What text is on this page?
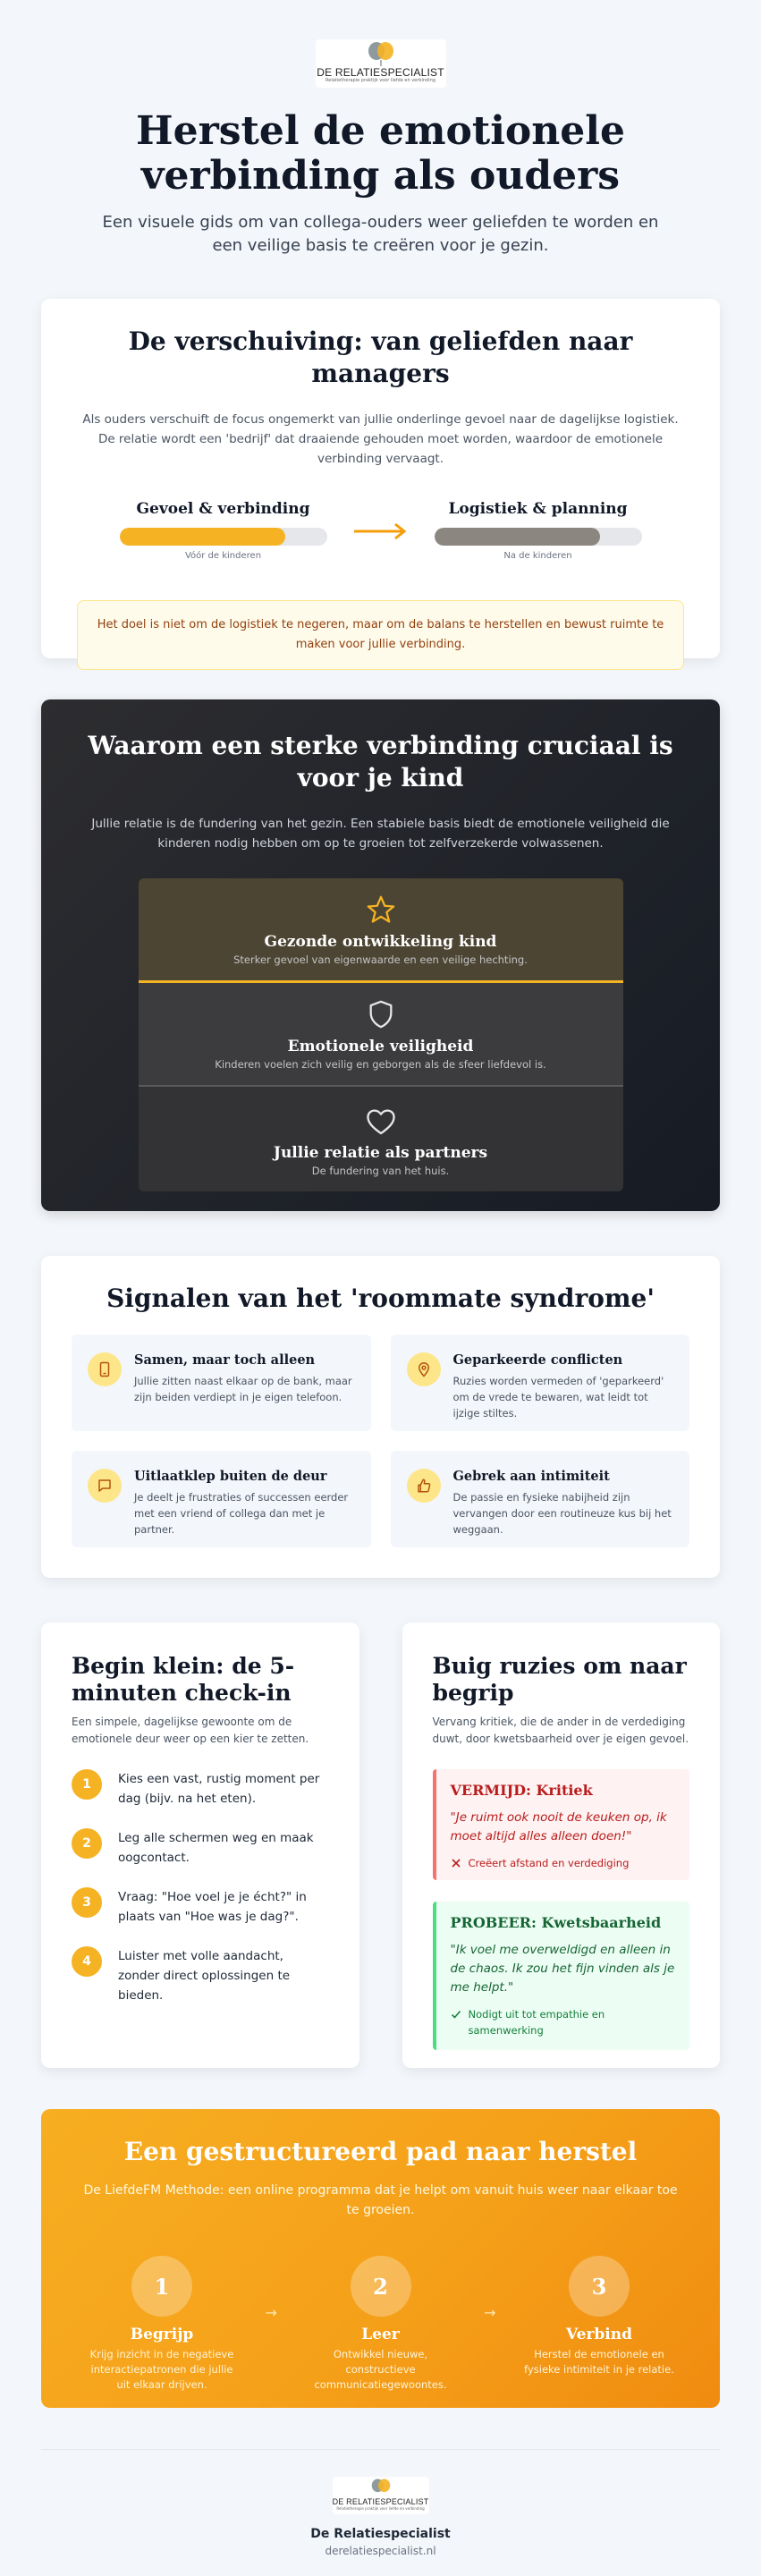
DE RELATIESPECIALIST
Relatietherapie praktijk voor liefde en verbinding
Herstel de emotionele verbinding als ouders

Een visuele gids om van collega-ouders weer geliefden te worden en een veilige basis te creëren voor je gezin.

De verschuiving: van geliefden naar managers

Als ouders verschuift de focus ongemerkt van jullie onderlinge gevoel naar de dagelijkse logistiek. De relatie wordt een 'bedrijf' dat draaiende gehouden moet worden, waardoor de emotionele verbinding vervaagt.

Gevoel & verbinding
Vóór de kinderen
Logistiek & planning
Na de kinderen
Het doel is niet om de logistiek te negeren, maar om de balans te herstellen en bewust ruimte te maken voor jullie verbinding.
Waarom een sterke verbinding cruciaal is voor je kind

Jullie relatie is de fundering van het gezin. Een stabiele basis biedt de emotionele veiligheid die kinderen nodig hebben om op te groeien tot zelfverzekerde volwassenen.

Gezonde ontwikkeling kind
Sterker gevoel van eigenwaarde en een veilige hechting.
Emotionele veiligheid
Kinderen voelen zich veilig en geborgen als de sfeer liefdevol is.
Jullie relatie als partners
De fundering van het huis.
Signalen van het 'roommate syndrome'
Samen, maar toch alleen
Jullie zitten naast elkaar op de bank, maar zijn beiden verdiept in je eigen telefoon.
Geparkeerde conflicten
Ruzies worden vermeden of 'geparkeerd' om de vrede te bewaren, wat leidt tot ijzige stiltes.
Uitlaatklep buiten de deur
Je deelt je frustraties of successen eerder met een vriend of collega dan met je partner.
Gebrek aan intimiteit
De passie en fysieke nabijheid zijn vervangen door een routineuze kus bij het weggaan.
Begin klein: de 5-minuten check-in

Een simpele, dagelijkse gewoonte om de emotionele deur weer op een kier te zetten.

1	Kies een vast, rustig moment per dag (bijv. na het eten).
2	Leg alle schermen weg en maak oogcontact.
3	Vraag: "Hoe voel je je écht?" in plaats van "Hoe was je dag?".
4	Luister met volle aandacht, zonder direct oplossingen te bieden.
Buig ruzies om naar begrip

Vervang kritiek, die de ander in de verdediging duwt, door kwetsbaarheid over je eigen gevoel.

VERMIJD: Kritiek
"Je ruimt ook nooit de keuken op, ik moet altijd alles alleen doen!"
Creëert afstand en verdediging
PROBEER: Kwetsbaarheid
"Ik voel me overweldigd en alleen in de chaos. Ik zou het fijn vinden als je me helpt."
Nodigt uit tot empathie en samenwerking
Een gestructureerd pad naar herstel

De LiefdeFM Methode: een online programma dat je helpt om vanuit huis weer naar elkaar toe te groeien.

1
Begrijp
Krijg inzicht in de negatieve interactiepatronen die jullie uit elkaar drijven.
→
2
Leer
Ontwikkel nieuwe, constructieve communicatiegewoontes.
→
3
Verbind
Herstel de emotionele en fysieke intimiteit in je relatie.
DE RELATIESPECIALIST
Relatietherapie praktijk voor liefde en verbinding
De Relatiespecialist
derelatiespecialist.nl
